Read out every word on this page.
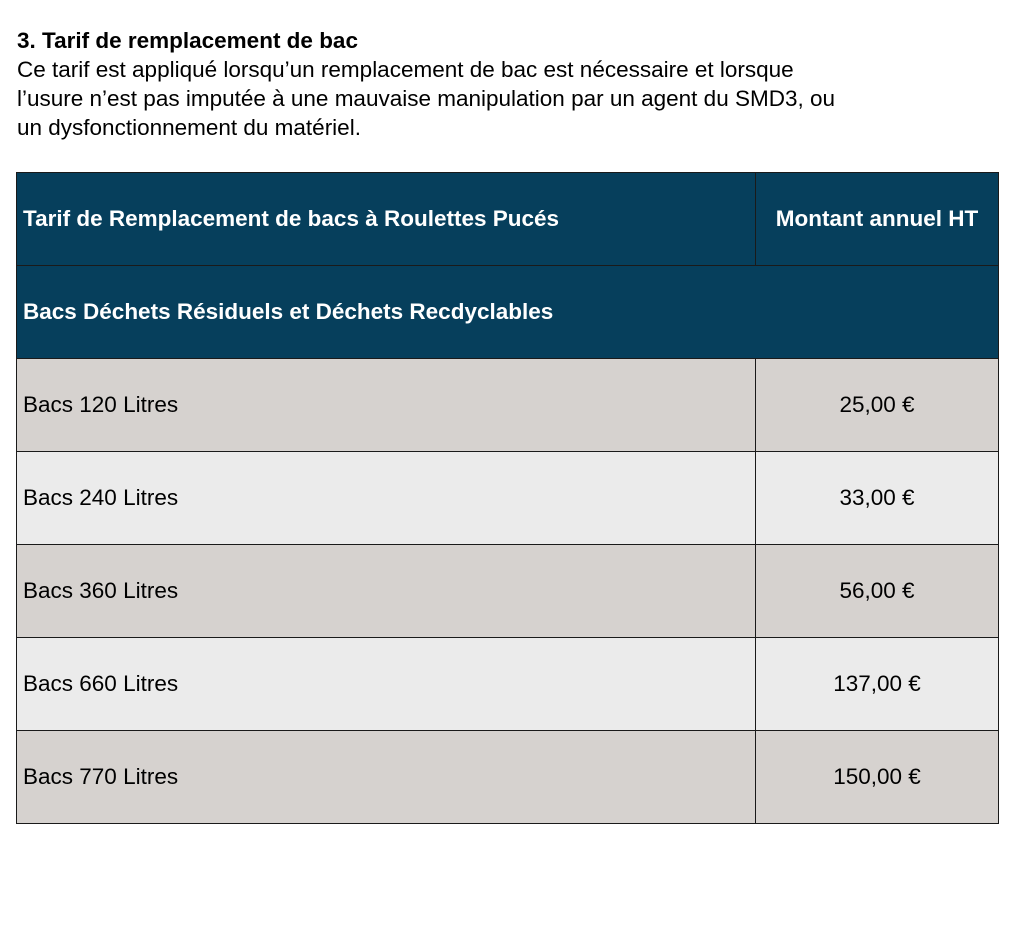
3. Tarif de remplacement de bac

Ce tarif est appliqué lorsqu’un remplacement de bac est nécessaire et lorsque
l’usure n’est pas imputée à une mauvaise manipulation par un agent du SMD3, ou
un dysfonctionnement du matériel.

Tarif de Remplacement de bacs à Roulettes Pucés	Montant annuel HT
Bacs Déchets Résiduels et Déchets Recdyclables	
Bacs 120 Litres	25,00 €
Bacs 240 Litres	33,00 €
Bacs 360 Litres	56,00 €
Bacs 660 Litres	137,00 €
Bacs 770 Litres	150,00 €
